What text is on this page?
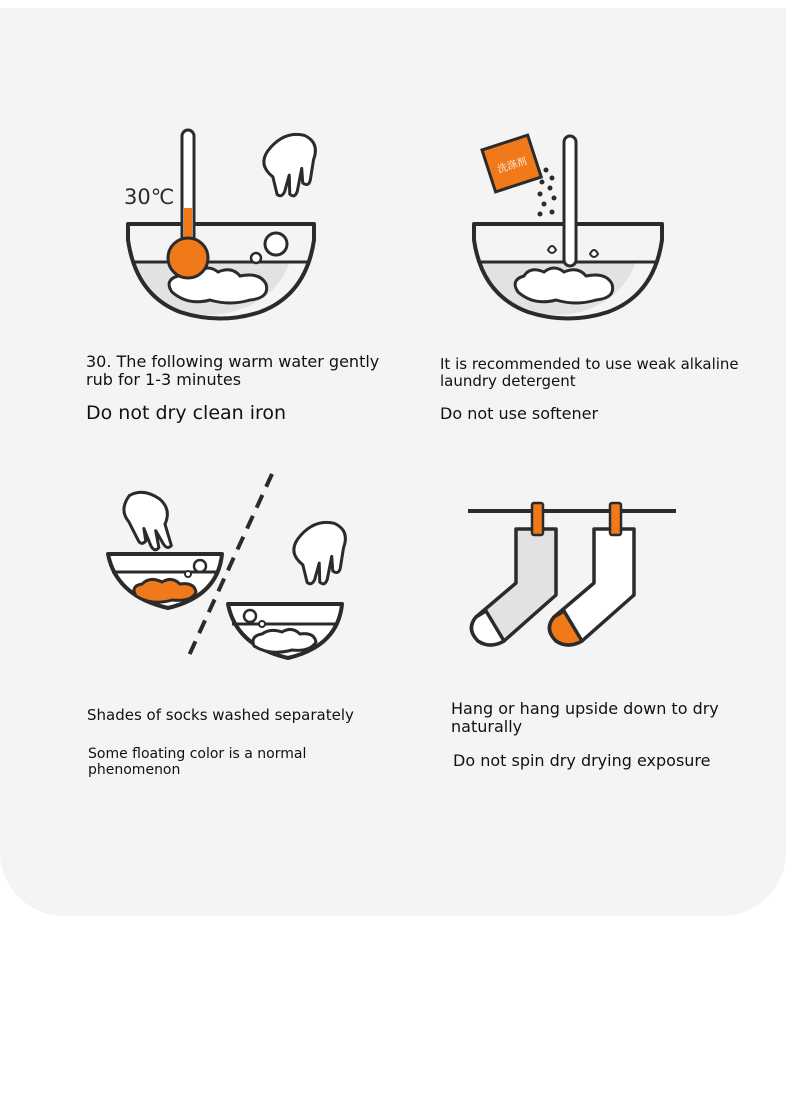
30℃
洗涤剂

30. The following warm water gently

rub for 1-3 minutes

Do not dry clean iron

It is recommended to use weak alkaline

laundry detergent

Do not use softener

Shades of socks washed separately

Some floating color is a normal

phenomenon

Hang or hang upside down to dry

naturally

Do not spin dry drying exposure
